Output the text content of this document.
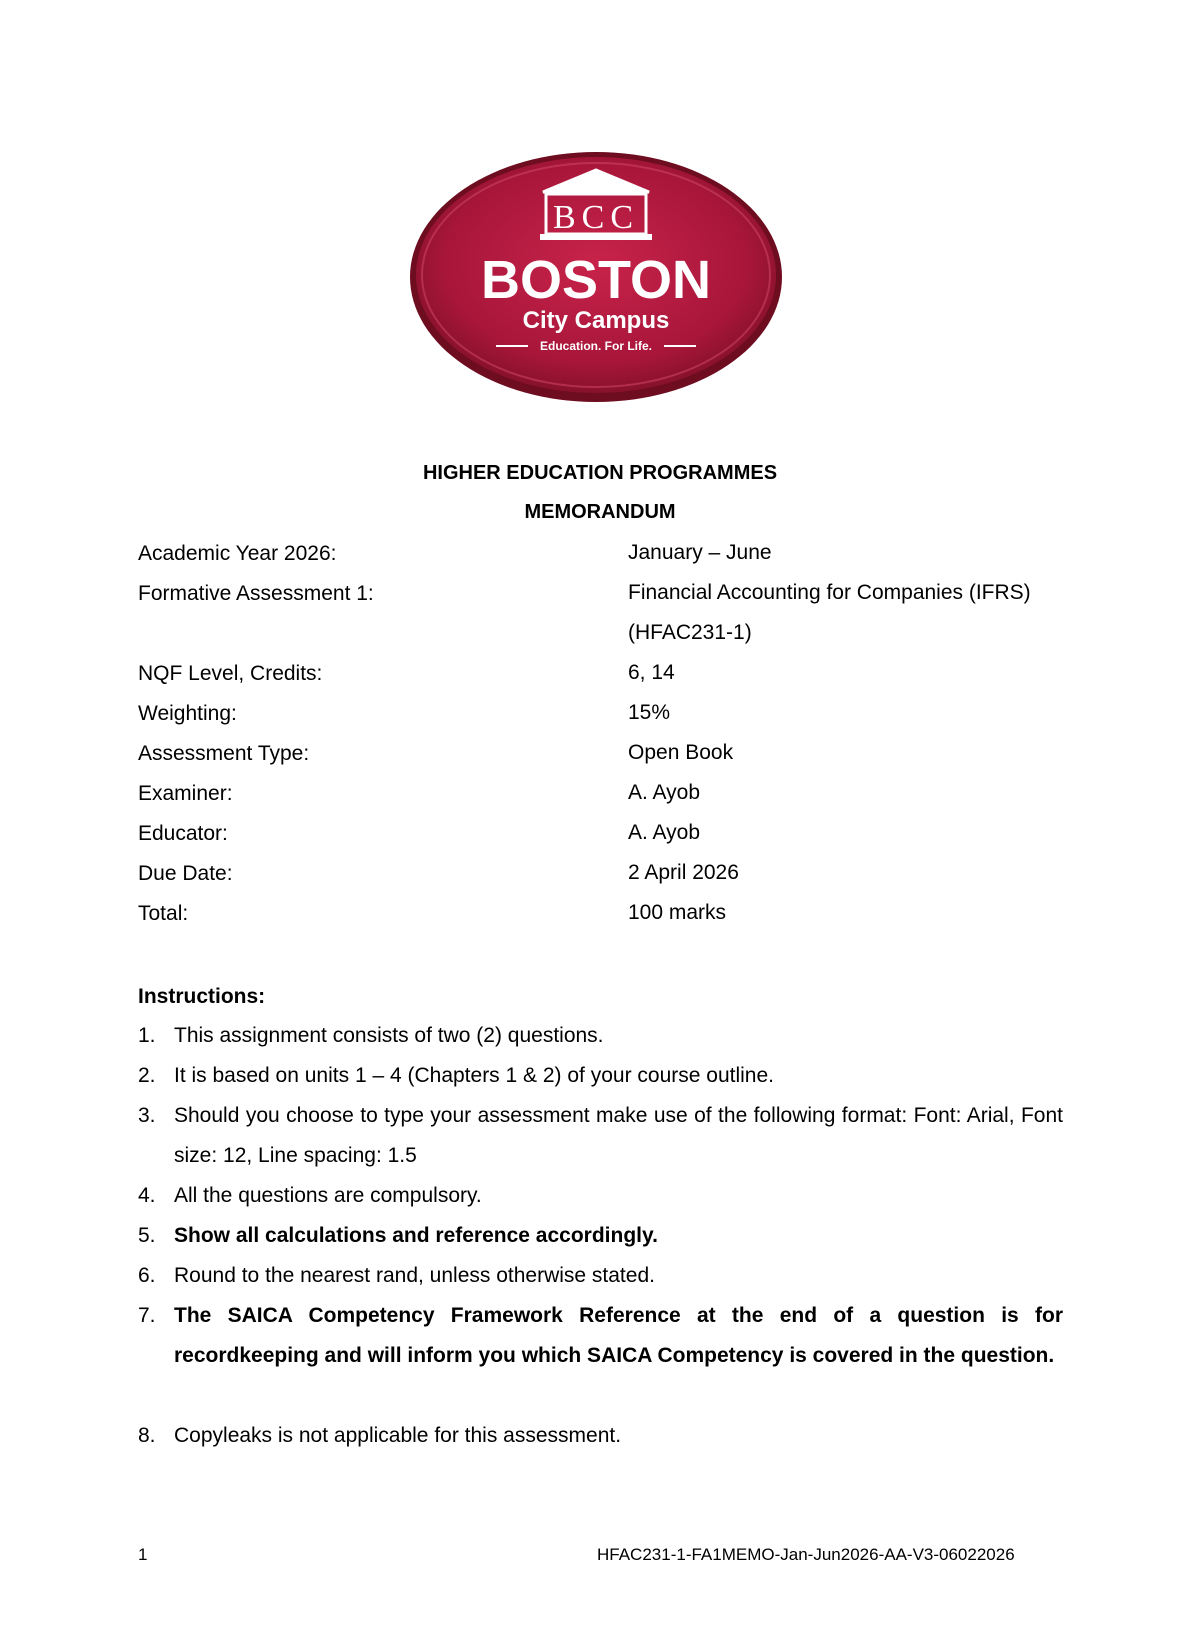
BCC
BOSTON
City Campus
Education. For Life.
HIGHER EDUCATION PROGRAMMES
MEMORANDUM
Academic Year 2026:	January – June
Formative Assessment 1:	Financial Accounting for Companies (IFRS) (HFAC231-1)
NQF Level, Credits:	6, 14
Weighting:	15%
Assessment Type:	Open Book
Examiner:	A. Ayob
Educator:	A. Ayob
Due Date:	2 April 2026
Total:	100 marks
Instructions:
1. This assignment consists of two (2) questions.
2. It is based on units 1 – 4 (Chapters 1 & 2) of your course outline.
3. Should you choose to type your assessment make use of the following format: Font: Arial, Font size: 12, Line spacing: 1.5
4. All the questions are compulsory.
5. Show all calculations and reference accordingly.
6. Round to the nearest rand, unless otherwise stated.
7. The SAICA Competency Framework Reference at the end of a question is for recordkeeping and will inform you which SAICA Competency is covered in the question.
8. Copyleaks is not applicable for this assessment.
1	HFAC231-1-FA1MEMO-Jan-Jun2026-AA-V3-06022026
